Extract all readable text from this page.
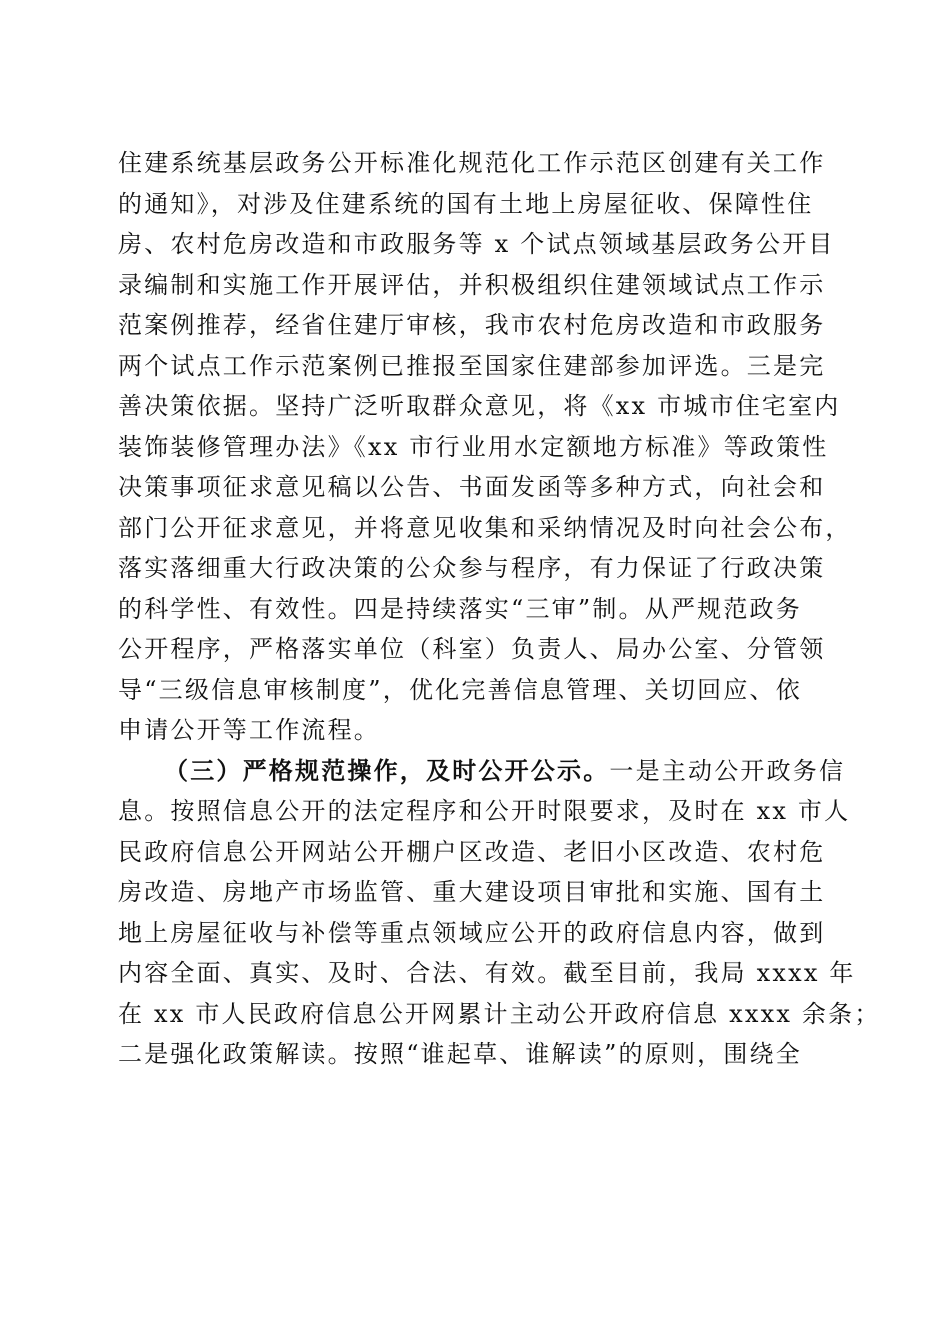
住建系统基层政务公开标准化规范化工作示范区创建有关工作
的通知》，对涉及住建系统的国有土地上房屋征收、保障性住
房、农村危房改造和市政服务等 x 个试点领域基层政务公开目
录编制和实施工作开展评估，并积极组织住建领域试点工作示
范案例推荐，经省住建厅审核，我市农村危房改造和市政服务
两个试点工作示范案例已推报至国家住建部参加评选。三是完
善决策依据。坚持广泛听取群众意见，将《xx 市城市住宅室内
装饰装修管理办法》《xx 市行业用水定额地方标准》等政策性
决策事项征求意见稿以公告、书面发函等多种方式，向社会和
部门公开征求意见，并将意见收集和采纳情况及时向社会公布，
落实落细重大行政决策的公众参与程序，有力保证了行政决策
的科学性、有效性。四是持续落实“三审”制。从严规范政务
公开程序，严格落实单位（科室）负责人、局办公室、分管领
导“三级信息审核制度”，优化完善信息管理、关切回应、依
申请公开等工作流程。
（三）严格规范操作，及时公开公示。一是主动公开政务信
息。按照信息公开的法定程序和公开时限要求，及时在 xx 市人
民政府信息公开网站公开棚户区改造、老旧小区改造、农村危
房改造、房地产市场监管、重大建设项目审批和实施、国有土
地上房屋征收与补偿等重点领域应公开的政府信息内容，做到
内容全面、真实、及时、合法、有效。截至目前，我局 xxxx 年
在 xx 市人民政府信息公开网累计主动公开政府信息 xxxx 余条；
二是强化政策解读。按照“谁起草、谁解读”的原则，围绕全
